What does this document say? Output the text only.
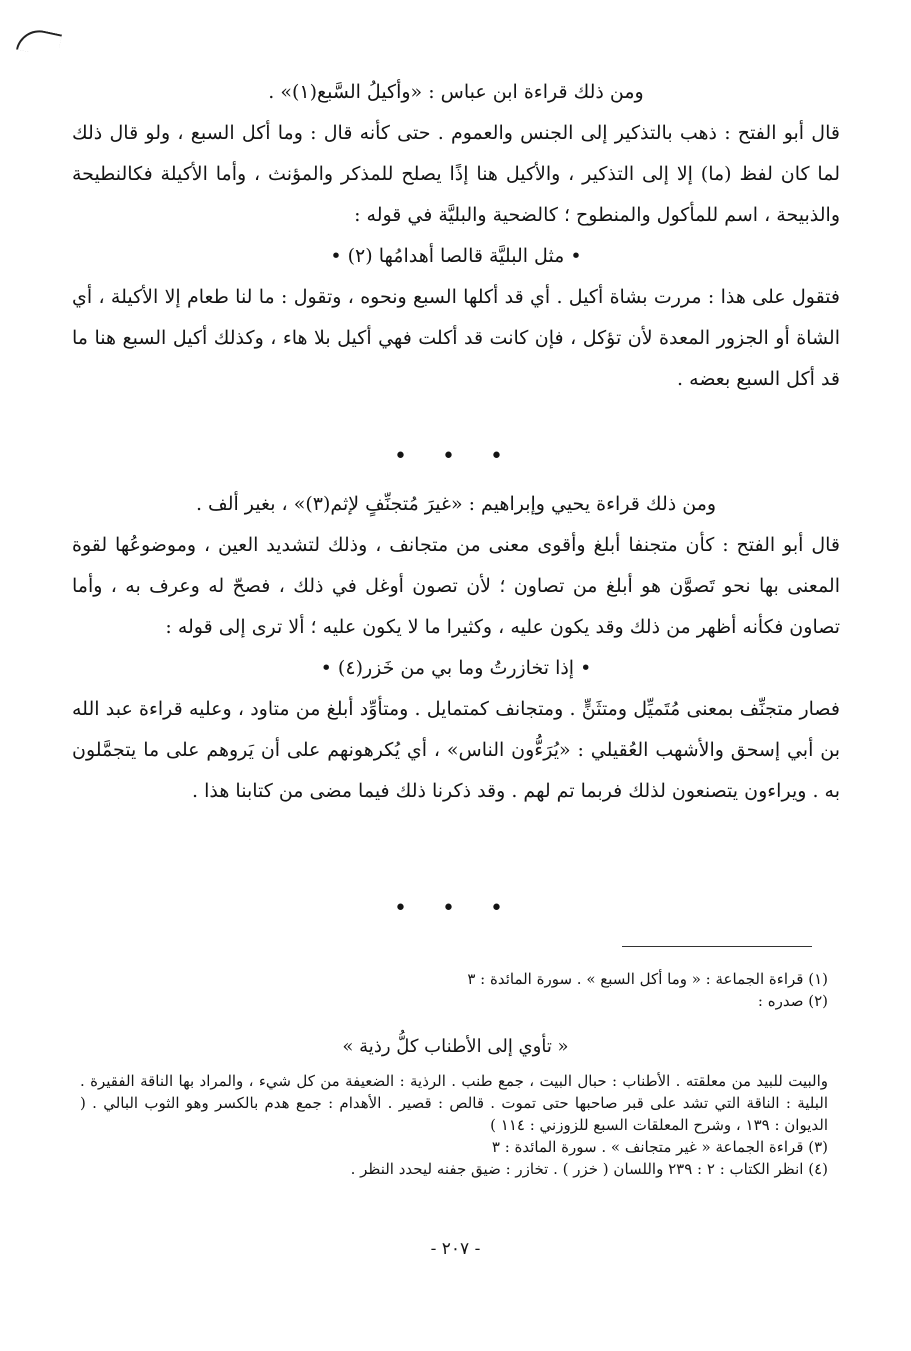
ومن ذلك قراءة ابن عباس : «وأكيلُ السَّبع(١)» .

قال أبو الفتح : ذهب بالتذكير إلى الجنس والعموم . حتى كأنه قال : وما أكل السبع ، ولو قال ذلك لما كان لفظ (ما) إلا إلى التذكير ، والأكيل هنا إذًا يصلح للمذكر والمؤنث ، وأما الأكيلة فكالنطيحة والذبيحة ، اسم للمأكول والمنطوح ؛ كالضحية والبليَّة في قوله :

• مثل البليَّة قالصا أهدامُها (٢) •

فتقول على هذا : مررت بشاة أكيل . أي قد أكلها السبع ونحوه ، وتقول : ما لنا طعام إلا الأكيلة ، أي الشاة أو الجزور المعدة لأن تؤكل ، فإن كانت قد أكلت فهي أكيل بلا هاء ، وكذلك أكيل السبع هنا ما قد أكل السبع بعضه .

• • •

ومن ذلك قراءة يحيي وإبراهيم : «غيرَ مُتجنِّفٍ لإثم(٣)» ، بغير ألف .

قال أبو الفتح : كأن متجنفا أبلغ وأقوى معنى من متجانف ، وذلك لتشديد العين ، وموضوعُها لقوة المعنى بها نحو تَصوَّن هو أبلغ من تصاون ؛ لأن تصون أوغل في ذلك ، فصحّ له وعرف به ، وأما تصاون فكأنه أظهر من ذلك وقد يكون عليه ، وكثيرا ما لا يكون عليه ؛ ألا ترى إلى قوله :

• إذا تخازرتُ وما بي من خَزر(٤) •

فصار متجنِّف بمعنى مُتَميِّل ومتثَنٍّ . ومتجانف كمتمايل . ومتأوِّد أبلغ من متاود ، وعليه قراءة عبد الله بن أبي إسحق والأشهب العُقيلي : «يُرَءُّون الناس» ، أي يُكرهونهم على أن يَروهم على ما يتجمَّلون به . ويراءون يتصنعون لذلك فربما تم لهم . وقد ذكرنا ذلك فيما مضى من كتابنا هذا .

• • •

(١) قراءة الجماعة : « وما أكل السبع » . سورة المائدة : ٣

(٢) صدره :

« تأوي إلى الأطناب كلُّ رذية »

والبيت للبيد من معلقته . الأطناب : حبال البيت ، جمع طنب . الرذية : الضعيفة من كل شيء ، والمراد بها الناقة الفقيرة . البلية : الناقة التي تشد على قبر صاحبها حتى تموت . قالص : قصير . الأهدام : جمع هدم بالكسر وهو الثوب البالي . ( الديوان : ١٣٩ ، وشرح المعلقات السبع للزوزني : ١١٤ )

(٣) قراءة الجماعة « غير متجانف » . سورة المائدة : ٣

(٤) انظر الكتاب : ٢ : ٢٣٩ واللسان ( خزر ) . تخازر : ضيق جفنه ليحدد النظر .

- ٢٠٧ -
